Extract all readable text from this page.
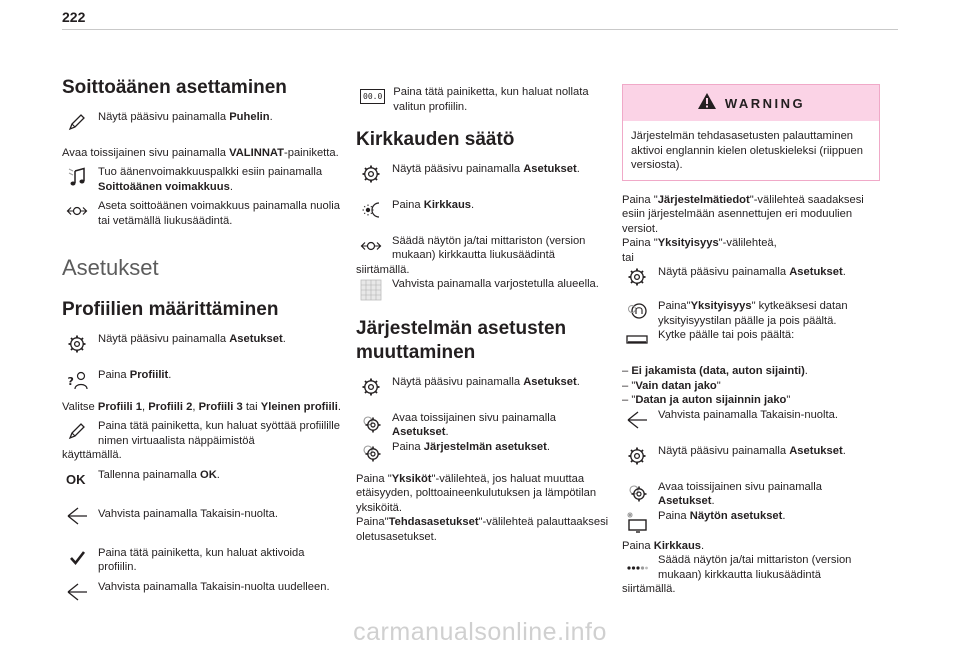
222
Soittoäänen asettaminen
Näytä pääsivu painamalla Puhelin.

Avaa toissijainen sivu painamalla VALINNAT-painiketta.

Tuo äänenvoimakkuuspalkki esiin painamalla Soittoäänen voimakkuus.
Aseta soittoäänen voimakkuus painamalla nuolia tai vetämällä liukusäädintä.
Asetukset
Profiilien määrittäminen
Näytä pääsivu painamalla Asetukset.
Paina Profiilit.

Valitse Profiili 1, Profiili 2, Profiili 3 tai Yleinen profiili.

Paina tätä painiketta, kun haluat syöttää profiilille nimen virtuaalista näppäimistöä

käyttämällä.

OK Tallenna painamalla OK.
Vahvista painamalla Takaisin-nuolta.
Paina tätä painiketta, kun haluat aktivoida profiilin.
Vahvista painamalla Takaisin-nuolta uudelleen.
00.0 Paina tätä painiketta, kun haluat nollata valitun profiilin.
Kirkkauden säätö
Näytä pääsivu painamalla Asetukset.
Paina Kirkkaus.
Säädä näytön ja/tai mittariston (version mukaan) kirkkautta liukusäädintä

siirtämällä.

Vahvista painamalla varjostetulla alueella.
Järjestelmän asetusten
muuttaminen
Näytä pääsivu painamalla Asetukset.
Avaa toissijainen sivu painamalla Asetukset.
Paina Järjestelmän asetukset.

Paina "Yksiköt"-välilehteä, jos haluat muuttaa etäisyyden, polttoaineenkulutuksen ja lämpötilan yksiköitä.

Paina"Tehdasasetukset"-välilehteä palauttaaksesi oletusasetukset.

WARNING
Järjestelmän tehdasasetusten palauttaminen aktivoi englannin kielen oletuskieleksi (riippuen versiosta).

Paina "Järjestelmätiedot"-välilehteä saadaksesi esiin järjestelmään asennettujen eri moduulien versiot.

Paina "Yksityisyys"-välilehteä,

tai

Näytä pääsivu painamalla Asetukset.
Paina"Yksityisyys" kytkeäksesi datan yksityisyystilan päälle ja pois päältä.
Kytke päälle tai pois päältä:

– Ei jakamista (data, auton sijainti).

– "Vain datan jako"

– "Datan ja auton sijainnin jako"

Vahvista painamalla Takaisin-nuolta.
Näytä pääsivu painamalla Asetukset.
Avaa toissijainen sivu painamalla Asetukset.
Paina Näytön asetukset.

Paina Kirkkaus.

Säädä näytön ja/tai mittariston (version mukaan) kirkkautta liukusäädintä

siirtämällä.

carmanualsonline.info
